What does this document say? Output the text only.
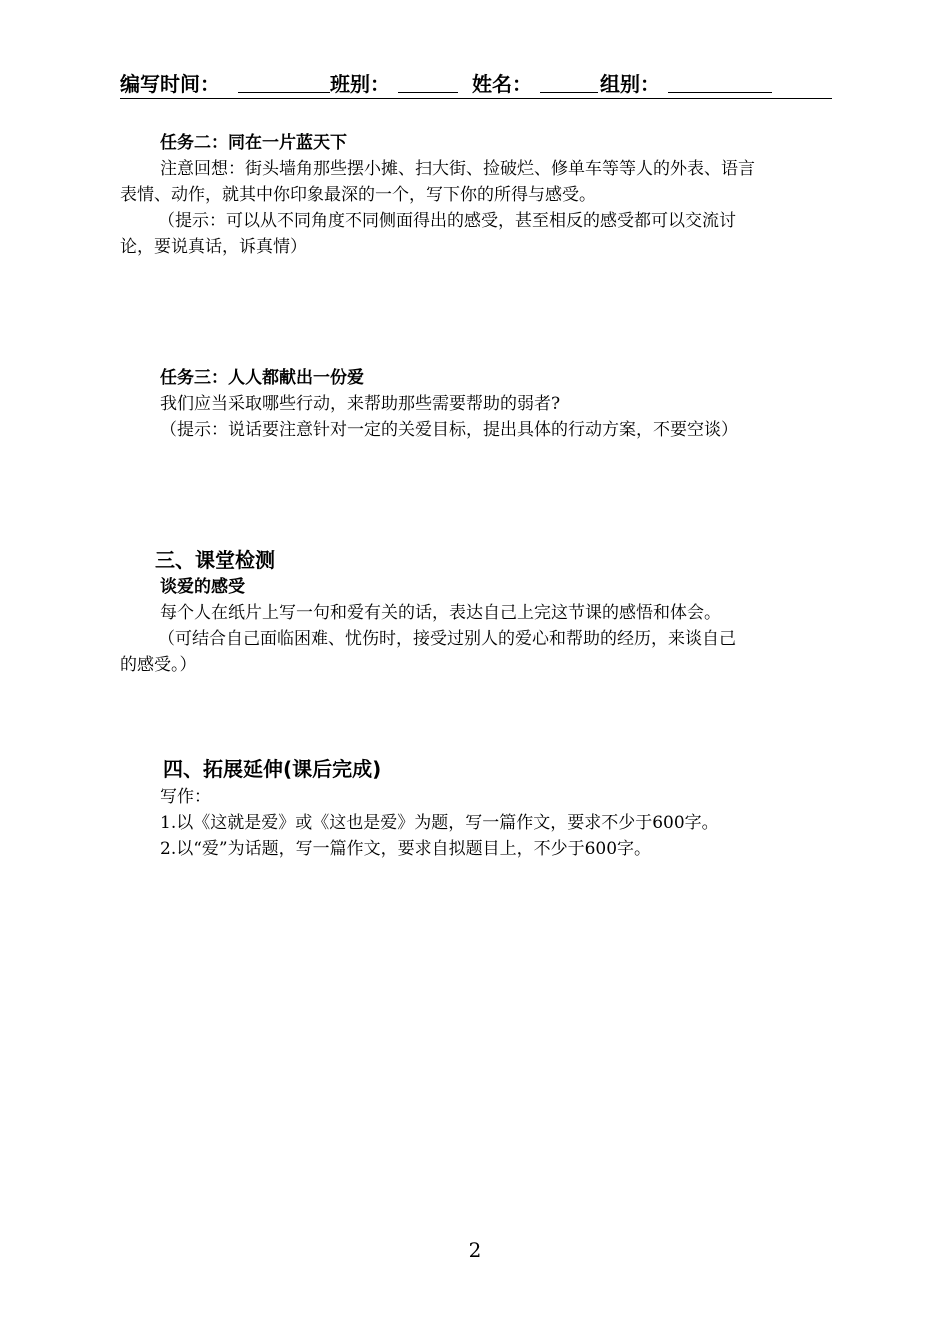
编写时间：	班别：	姓名：	组别：
任务二：同在一片蓝天下
注意回想：街头墙角那些摆小摊、扫大街、捡破烂、修单车等等人的外表、语言
表情、动作，就其中你印象最深的一个，写下你的所得与感受。
（提示：可以从不同角度不同侧面得出的感受，甚至相反的感受都可以交流讨
论，要说真话，诉真情）
任务三：人人都献出一份爱
我们应当采取哪些行动，来帮助那些需要帮助的弱者?
（提示：说话要注意针对一定的关爱目标，提出具体的行动方案，不要空谈）
三、课堂检测
谈爱的感受
每个人在纸片上写一句和爱有关的话，表达自己上完这节课的感悟和体会。
（可结合自己面临困难、忧伤时，接受过别人的爱心和帮助的经历，来谈自己
的感受。）
四、拓展延伸(课后完成)
写作：
1.以《这就是爱》或《这也是爱》为题，写一篇作文，要求不少于600字。
2.以“爱”为话题，写一篇作文，要求自拟题目上，不少于600字。
2
